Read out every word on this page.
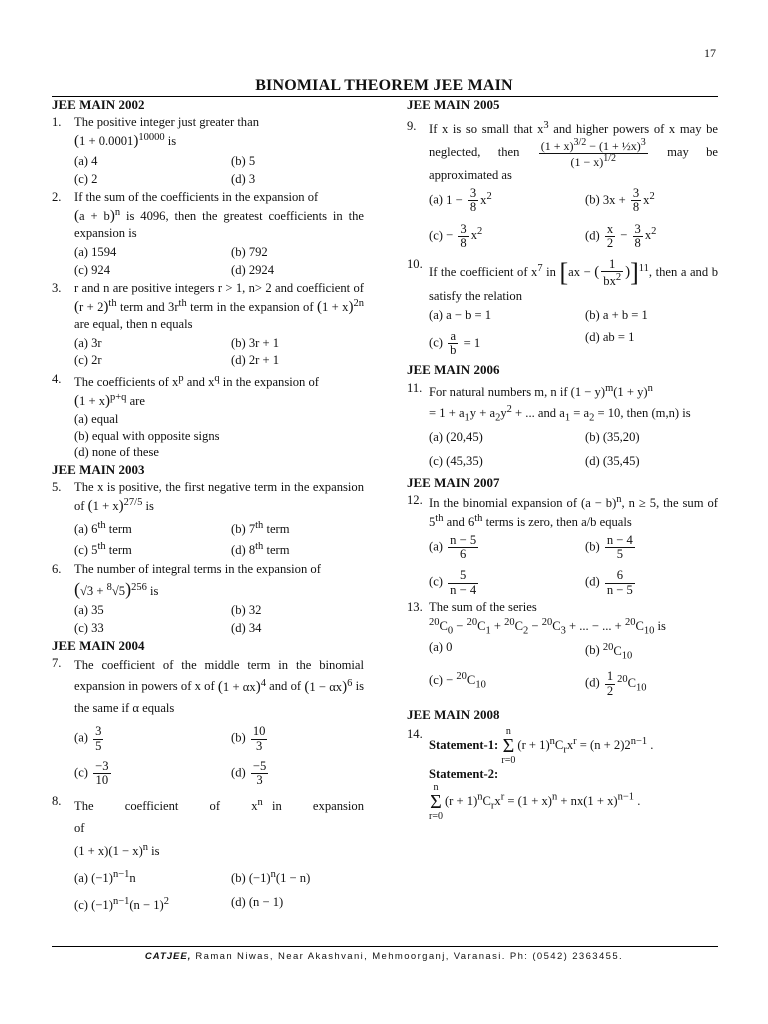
17
BINOMIAL THEOREM JEE MAIN
JEE MAIN 2002
1. The positive integer just greater than
$(1 + 0.0001)^{10000}$ is
(a) 4	(b) 5
(c) 2	(d) 3
2. If the sum of the coefficients in the expansion of
$(a + b)^n$ is 4096, then the greatest coefficients in the expansion is
(a) 1594	(b) 792
(c) 924	(d) 2924
3. r and n are positive integers r > 1, n> 2 and coefficient of $(r + 2)^{th}$ term and $3r^{th}$ term in the expansion of $(1 + x)^{2n}$ are equal, then n equals
(a) 3r	(b) 3r + 1
(c) 2r	(d) 2r + 1
4. The coefficients of $x^p$ and $x^q$ in the expansion of
$(1 + x)^{p+q}$ are
(a) equal
(b) equal with opposite signs
(d) none of these
JEE MAIN 2003
5. The x is positive, the first negative term in the expansion of $(1 + x)^{27/5}$ is
(a) 6th term	(b) 7th term
(c) 5th term	(d) 8th term
6. The number of integral terms in the expansion of
$(√3 + ^8√5)^{256}$ is
(a) 35	(b) 32
(c) 33	(d) 34
JEE MAIN 2004
7. The coefficient of the middle term in the binomial expansion in powers of x of $(1 + \alpha x)^4$ and of $(1 - \alpha x)^6$ is the same if α equals
$(a) \frac{3}{5}$	$(b) \frac{10}{3}$
$(c) \frac{-3}{10}$	$(d) \frac{-5}{3}$
8. The coefficient of $x^n$ in expansion of
$(1 + x)(1 - x)^n$ is
(a) $(-1)^{n-1}n$	(b) $(-1)^n(1 - n)$
(c) $(-1)^{n-1}(n - 1)^2$	(d) (n − 1)
JEE MAIN 2005
9. If x is so small that $x^3$ and higher powers of x may be neglected, then $\frac{(1 + x)^{3/2} - (1 + \frac{1}{2}x)^3}{(1 - x)^{1/2}}$ may be approximated as
(a) $1 - \frac{3}{8} x^2$	(b) $3x + \frac{3}{8} x^2$
$(c) - \frac{3}{8} x^2$	$(d) \frac{x}{2} - \frac{3}{8} x^2$
10.
If the coefficient of $x^7$ in [ax − ( $\frac{1}{bx^2} )]^{11}$, then a and b satisfy the relation
(a) a − b = 1	(b) a + b = 1
$(c) \frac{a}{b} = 1$	(d) ab = 1
JEE MAIN 2006
11. For natural numbers m, n if $(1 - y)^m(1 + y)^n$
= $1 + a_1y + a_2y^2$ + ... and $a_1 = a_2 = 10$, then (m,n) is
(a) (20,45)	(b) (35,20)
(c) (45,35)	(d) (35,45)
JEE MAIN 2007
12. In the binomial expansion of $(a - b)^n$, n ≥ 5, the sum of 5th and 6th terms is zero, then a/b equals
$(a) \frac{n - 5}{6}$	$(b) \frac{n - 4}{5}$
$(c) \frac{5}{n - 4}$	$(d) \frac{6}{n - 5}$
13. The sum of the series
$^{20}C_0 - ^{20}C_1 + ^{20}C_2 - ^{20}C_3$ + ... − ... + $^{20}C_{10}$ is
(a) 0	(b) $^{20}C_{10}$
$(c) - ^{20}C_{10}$	$(d) \frac{1}{2} ^{20}C_{10}$
JEE MAIN 2008
14.
Statement-1: n
Σ
$r=0(r + 1)^nC_rx^r = (n + 2)2^{n-1}$ .
Statement-2:
n
Σ
$r=0(r + 1)^nC_rx^r = (1 + x)^n + nx(1 + x)^{n-1}$ .
CATJEE, Raman Niwas, Near Akashvani, Mehmoorganj, Varanasi. Ph: (0542) 2363455.
